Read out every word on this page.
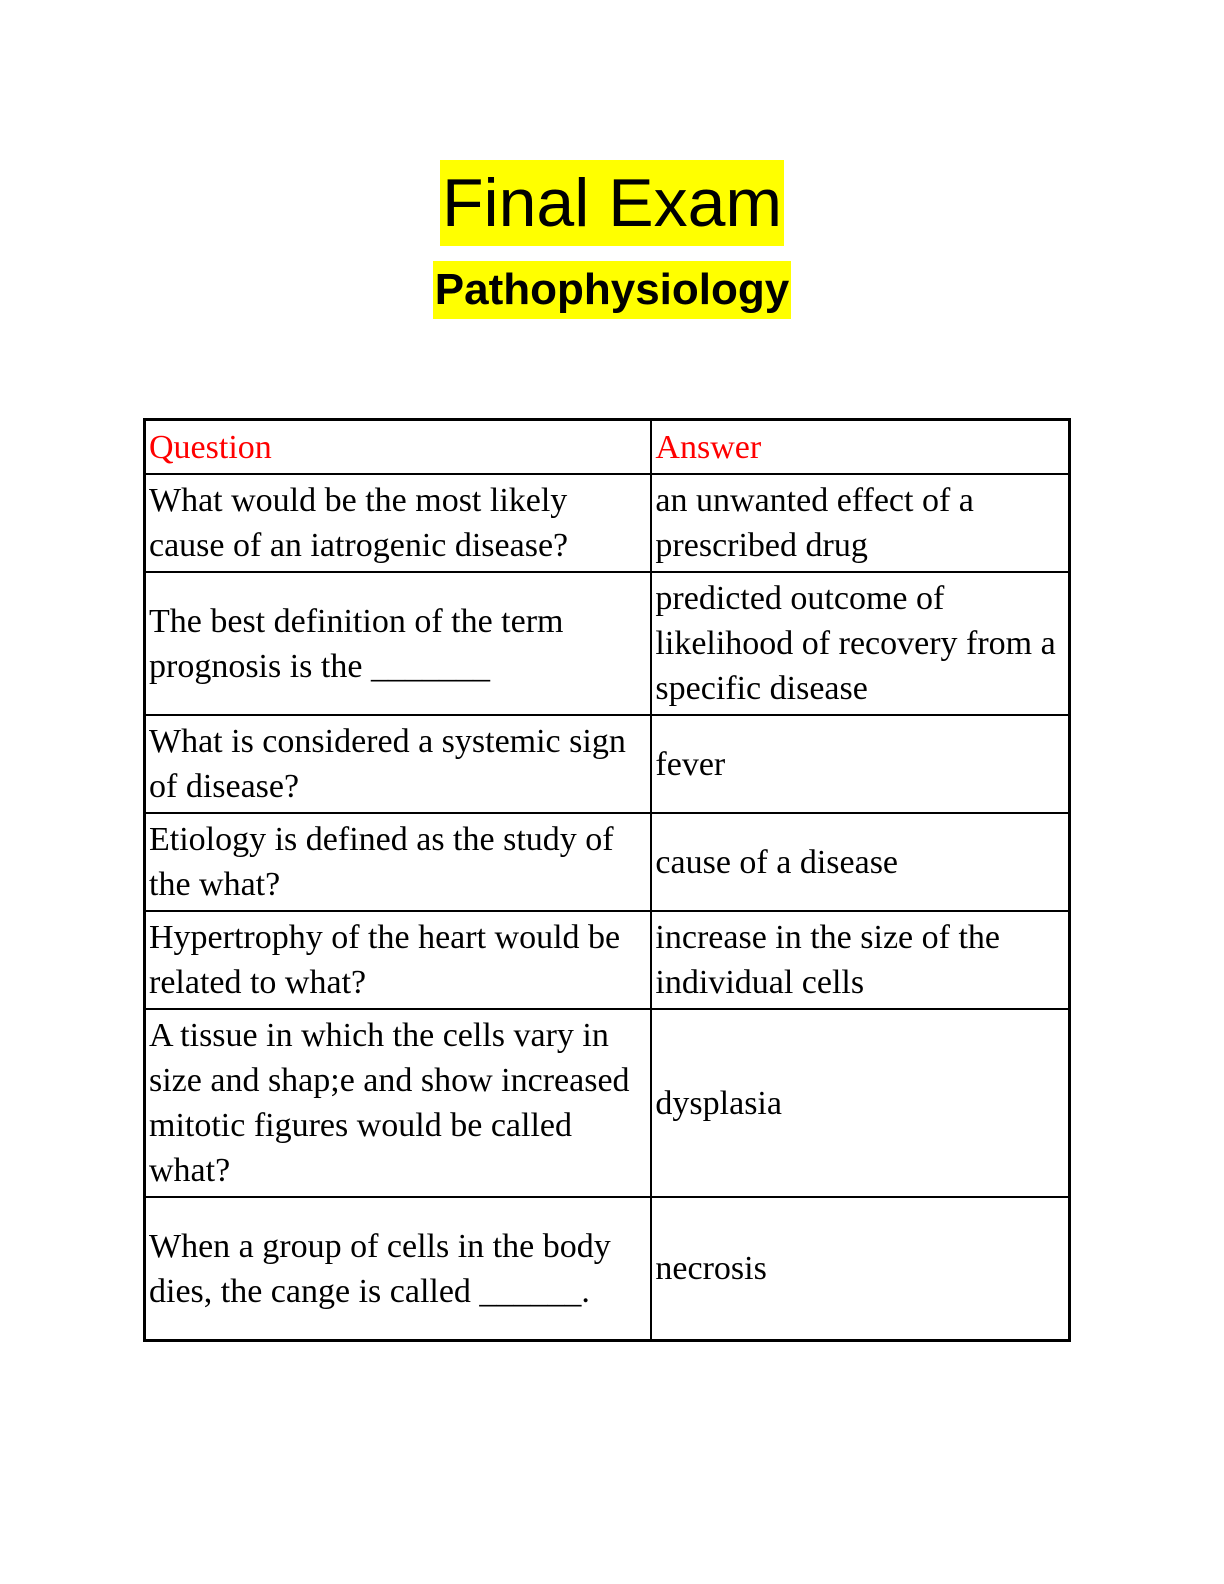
Final Exam
Pathophysiology
Question	Answer
What would be the most likely cause of an iatrogenic disease?	an unwanted effect of a prescribed drug
The best definition of the term prognosis is the _______	predicted outcome of likelihood of recovery from a specific disease
What is considered a systemic sign of disease?	fever
Etiology is defined as the study of the what?	cause of a disease
Hypertrophy of the heart would be related to what?	increase in the size of the individual cells
A tissue in which the cells vary in size and shap;e and show increased mitotic figures would be called what?	dysplasia
When a group of cells in the body dies, the cange is called ______.	necrosis
